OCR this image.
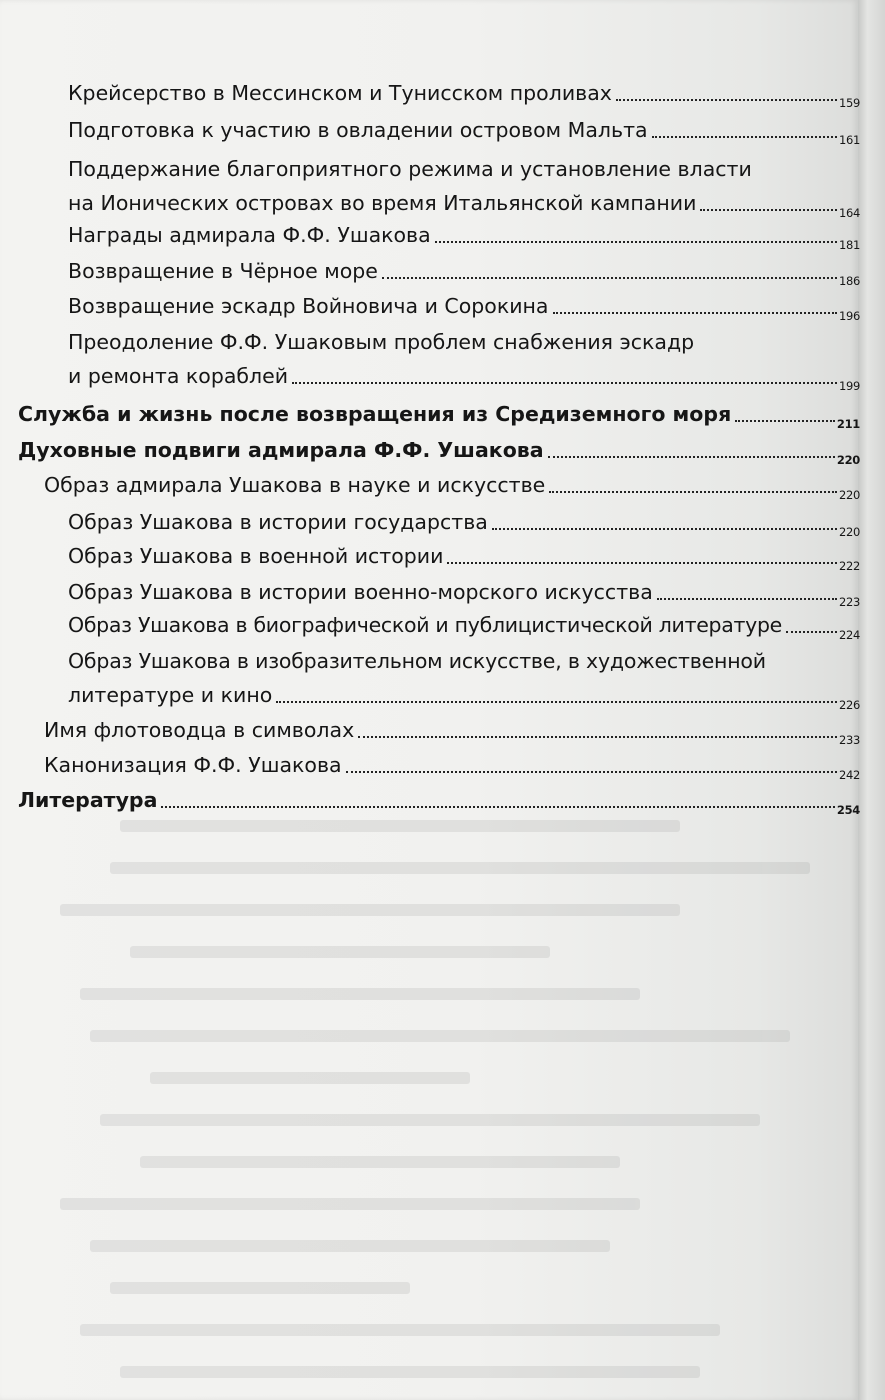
Крейсерство в Мессинском и Тунисском проливах	159
Подготовка к участию в овладении островом Мальта	161
Поддержание благоприятного режима и установление власти
на Ионических островах во время Итальянской кампании	164
Награды адмирала Ф.Ф. Ушакова	181
Возвращение в Чёрное море	186
Возвращение эскадр Войновича и Сорокина	196
Преодоление Ф.Ф. Ушаковым проблем снабжения эскадр
и ремонта кораблей	199
Служба и жизнь после возвращения из Средиземного моря	211
Духовные подвиги адмирала Ф.Ф. Ушакова	220
Образ адмирала Ушакова в науке и искусстве	220
Образ Ушакова в истории государства	220
Образ Ушакова в военной истории	222
Образ Ушакова в истории военно-морского искусства	223
Образ Ушакова в биографической и публицистической литературе	224
Образ Ушакова в изобразительном искусстве, в художественной
литературе и кино	226
Имя флотоводца в символах	233
Канонизация Ф.Ф. Ушакова	242
Литература	254
